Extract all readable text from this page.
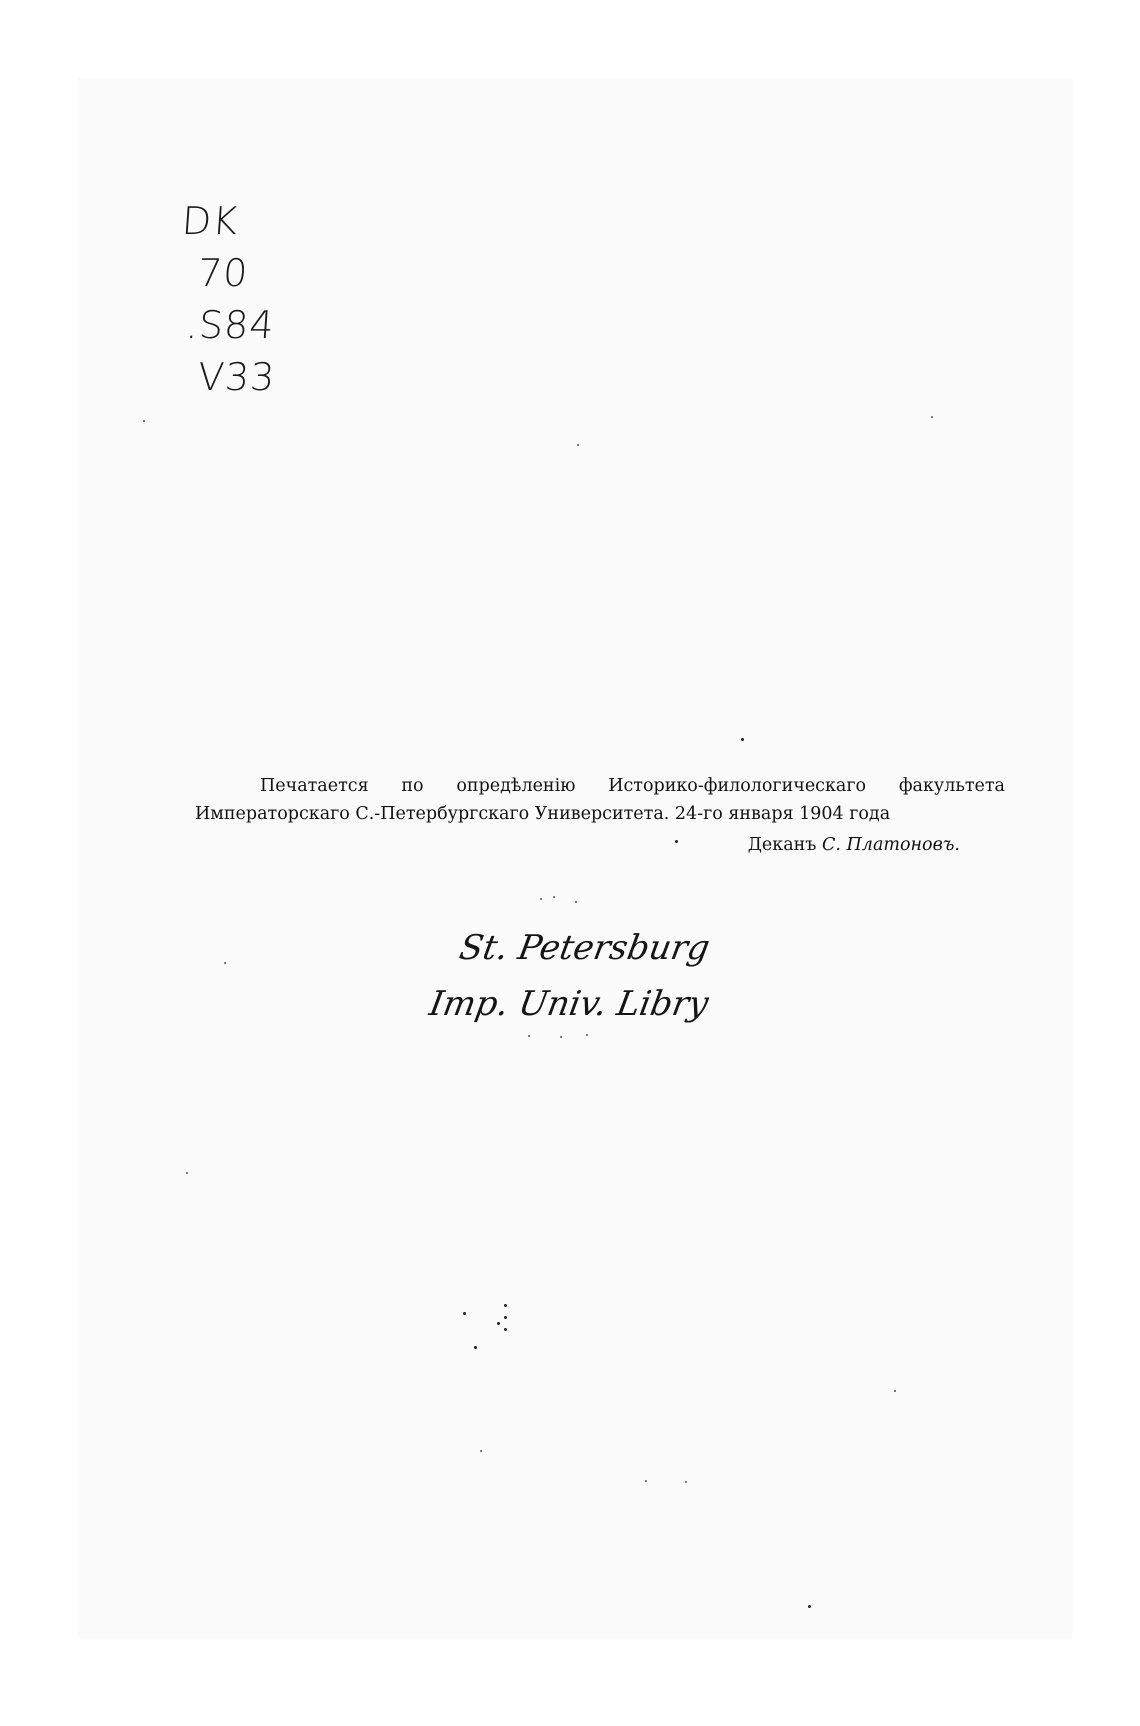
DK
70
.S84
V33

Печатается по опредѣленію Историко-филологическаго факультета Императорскаго С.-Петербургскаго Университета. 24-го января 1904 года

Деканъ С. Платоновъ.
St. Petersburg
Imp. Univ. Libry
